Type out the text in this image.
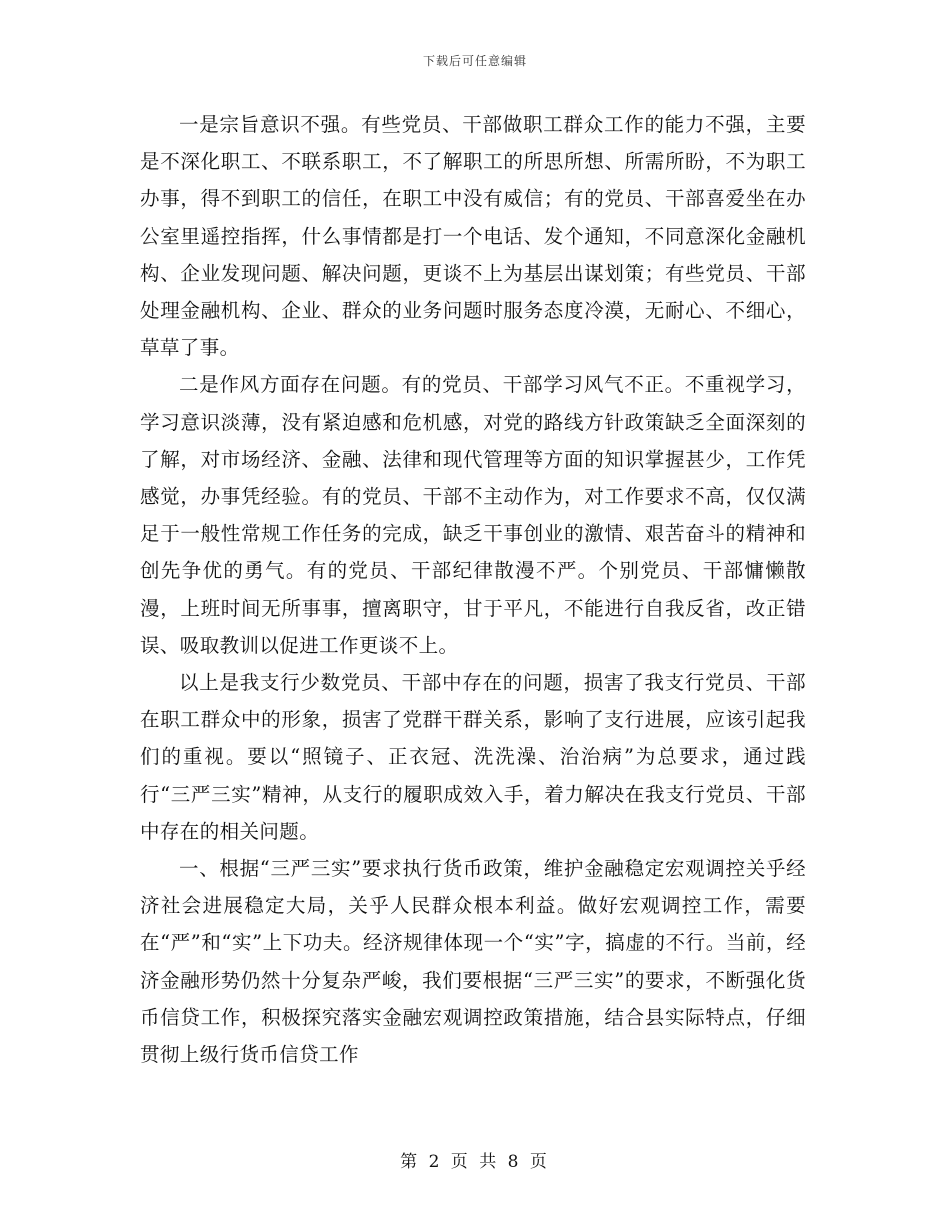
下载后可任意编辑

一是宗旨意识不强。有些党员、干部做职工群众工作的能力不强，主要是不深化职工、不联系职工，不了解职工的所思所想、所需所盼，不为职工办事，得不到职工的信任，在职工中没有威信；有的党员、干部喜爱坐在办公室里遥控指挥，什么事情都是打一个电话、发个通知，不同意深化金融机构、企业发现问题、解决问题，更谈不上为基层出谋划策；有些党员、干部处理金融机构、企业、群众的业务问题时服务态度冷漠，无耐心、不细心，草草了事。

二是作风方面存在问题。有的党员、干部学习风气不正。不重视学习，学习意识淡薄，没有紧迫感和危机感，对党的路线方针政策缺乏全面深刻的了解，对市场经济、金融、法律和现代管理等方面的知识掌握甚少，工作凭感觉，办事凭经验。有的党员、干部不主动作为，对工作要求不高，仅仅满足于一般性常规工作任务的完成，缺乏干事创业的激情、艰苦奋斗的精神和创先争优的勇气。有的党员、干部纪律散漫不严。个别党员、干部慵懒散漫，上班时间无所事事，擅离职守，甘于平凡，不能进行自我反省，改正错误、吸取教训以促进工作更谈不上。

以上是我支行少数党员、干部中存在的问题，损害了我支行党员、干部在职工群众中的形象，损害了党群干群关系，影响了支行进展，应该引起我们的重视。要以“照镜子、正衣冠、洗洗澡、治治病”为总要求，通过践行“三严三实”精神，从支行的履职成效入手，着力解决在我支行党员、干部中存在的相关问题。

一、根据“三严三实”要求执行货币政策，维护金融稳定宏观调控关乎经济社会进展稳定大局，关乎人民群众根本利益。做好宏观调控工作，需要在“严”和“实”上下功夫。经济规律体现一个“实”字，搞虚的不行。当前，经济金融形势仍然十分复杂严峻，我们要根据“三严三实”的要求，不断强化货币信贷工作，积极探究落实金融宏观调控政策措施，结合县实际特点，仔细贯彻上级行货币信贷工作

第 2 页 共 8 页
